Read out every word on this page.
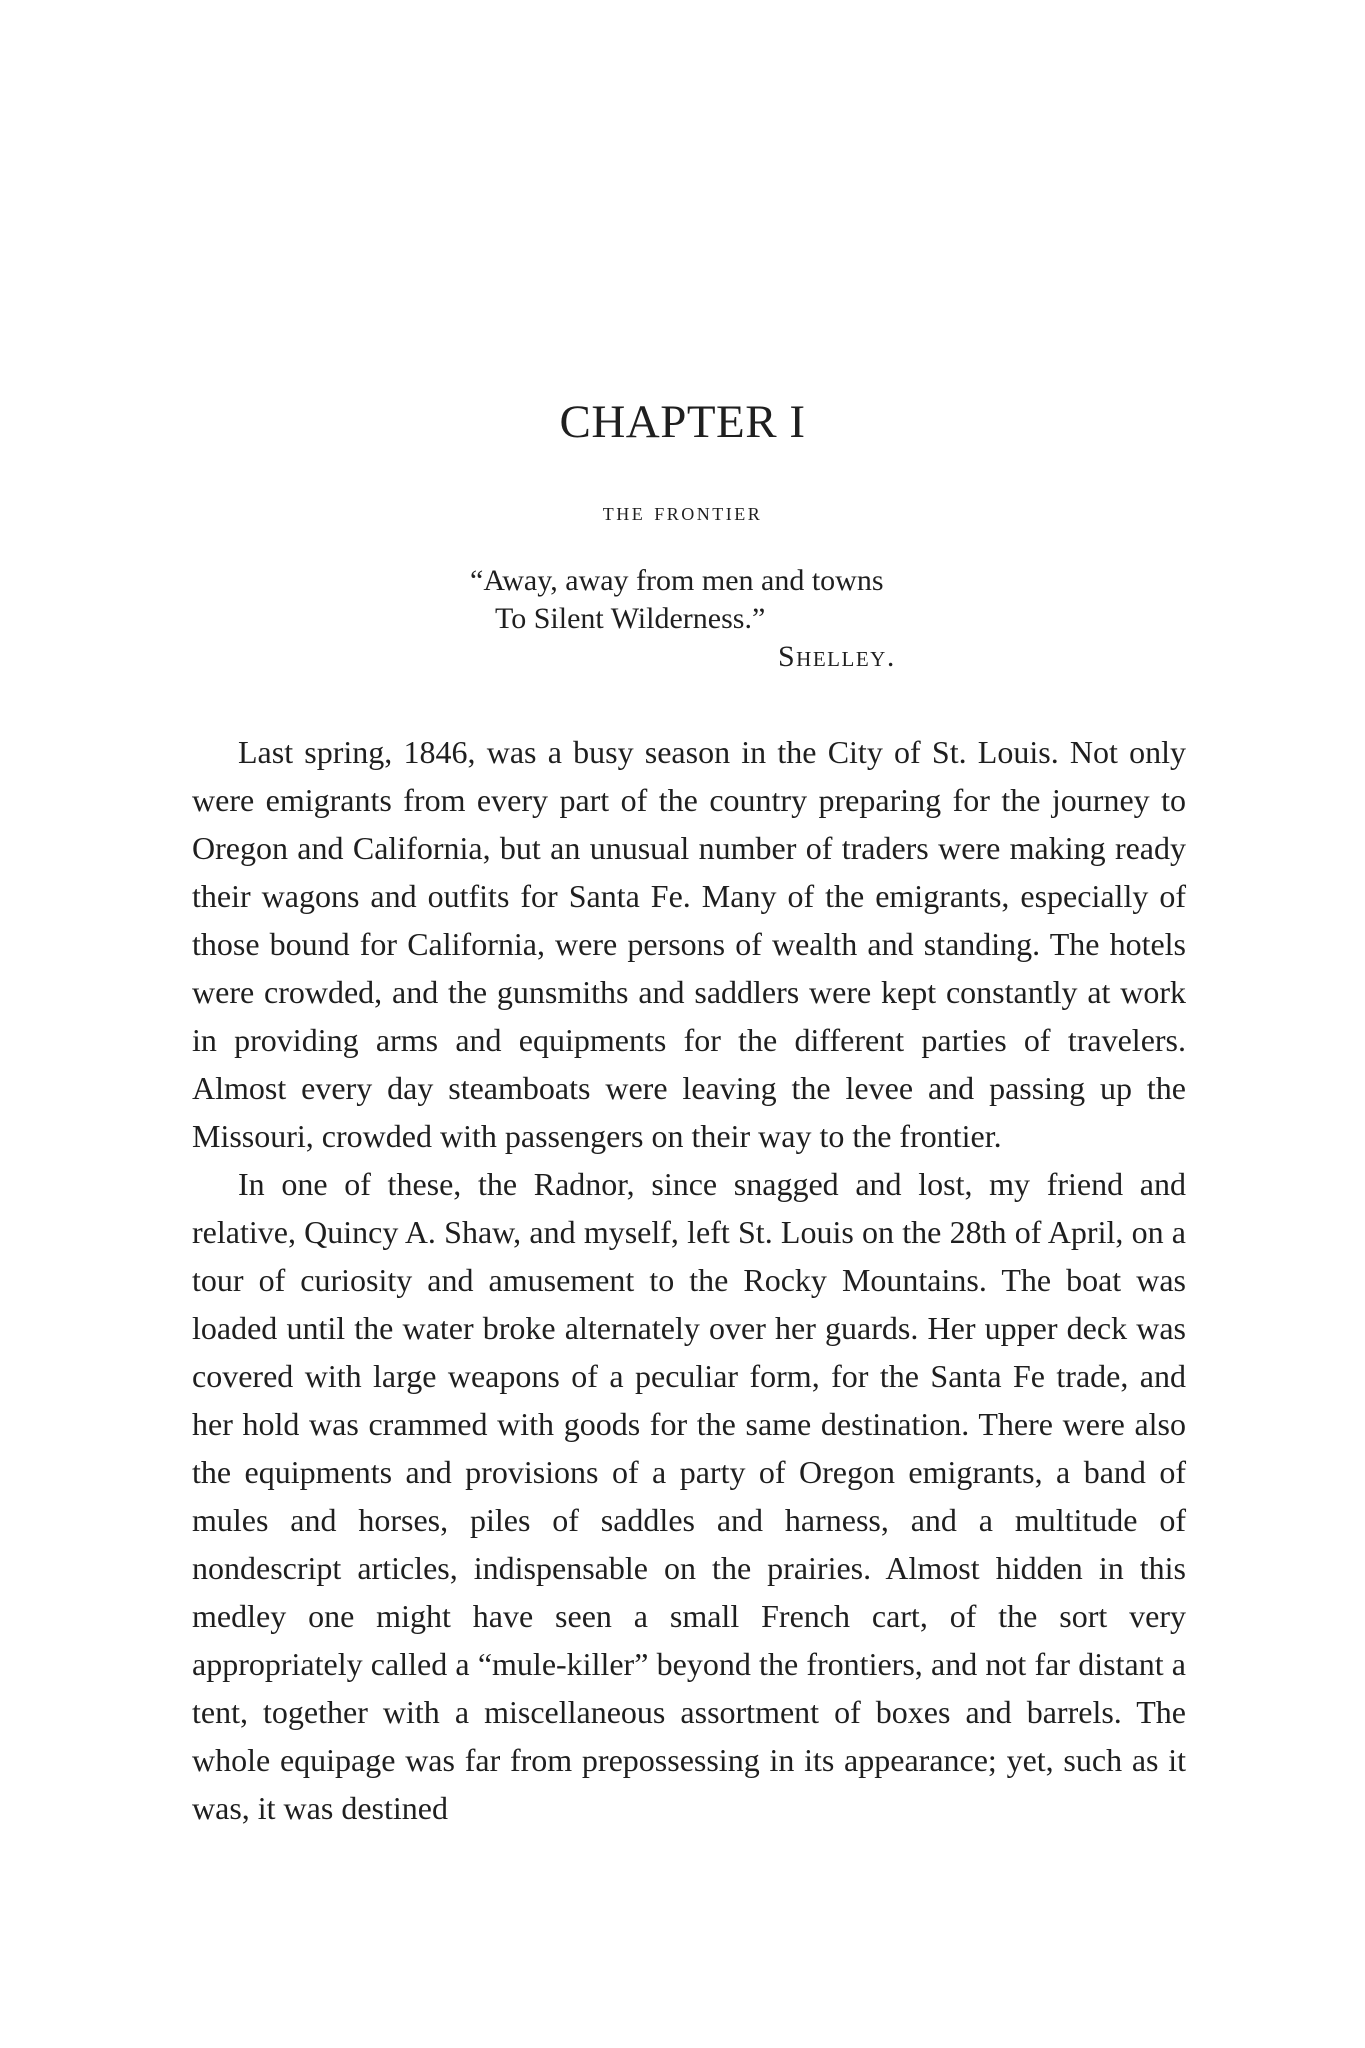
CHAPTER I
the frontier
“Away, away from men and towns
To Silent Wilderness.”
Shelley.

Last spring, 1846, was a busy season in the City of St. Louis. Not only were emigrants from every part of the country preparing for the journey to Oregon and California, but an unusual number of traders were making ready their wagons and outfits for Santa Fe. Many of the emigrants, especially of those bound for California, were persons of wealth and standing. The hotels were crowded, and the gunsmiths and saddlers were kept constantly at work in providing arms and equipments for the different parties of travelers. Almost every day steamboats were leaving the levee and passing up the Missouri, crowded with passengers on their way to the frontier.

In one of these, the Radnor, since snagged and lost, my friend and relative, Quincy A. Shaw, and myself, left St. Louis on the 28th of April, on a tour of curiosity and amusement to the Rocky Mountains. The boat was loaded until the water broke alternately over her guards. Her upper deck was covered with large weapons of a peculiar form, for the Santa Fe trade, and her hold was crammed with goods for the same destination. There were also the equipments and provisions of a party of Oregon emigrants, a band of mules and horses, piles of saddles and harness, and a multitude of nondescript articles, indispensable on the prairies. Almost hidden in this medley one might have seen a small French cart, of the sort very appropriately called a “mule-killer” beyond the frontiers, and not far distant a tent, together with a miscellaneous assortment of boxes and barrels. The whole equipage was far from prepossessing in its appearance; yet, such as it was, it was destined
